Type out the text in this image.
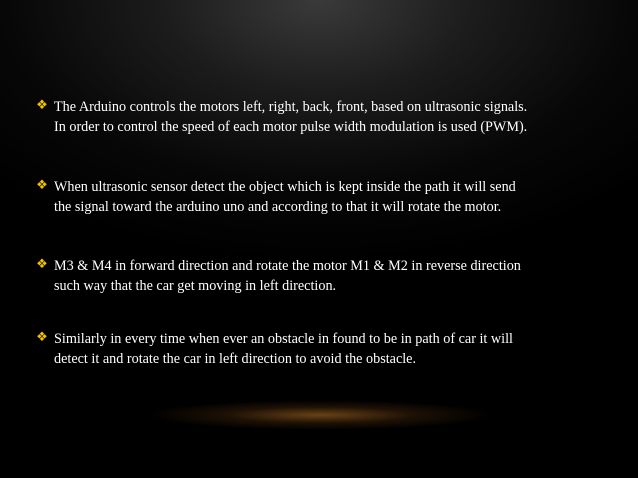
❖ The Arduino controls the motors left, right, back, front, based on ultrasonic signals.
In order to control the speed of each motor pulse width modulation is used (PWM).
❖ When ultrasonic sensor detect the object which is kept inside the path it will send
the signal toward the arduino uno and according to that it will rotate the motor.
❖ M3 & M4 in forward direction and rotate the motor M1 & M2 in reverse direction
such way that the car get moving in left direction.
❖ Similarly in every time when ever an obstacle in found to be in path of car it will
detect it and rotate the car in left direction to avoid the obstacle.
